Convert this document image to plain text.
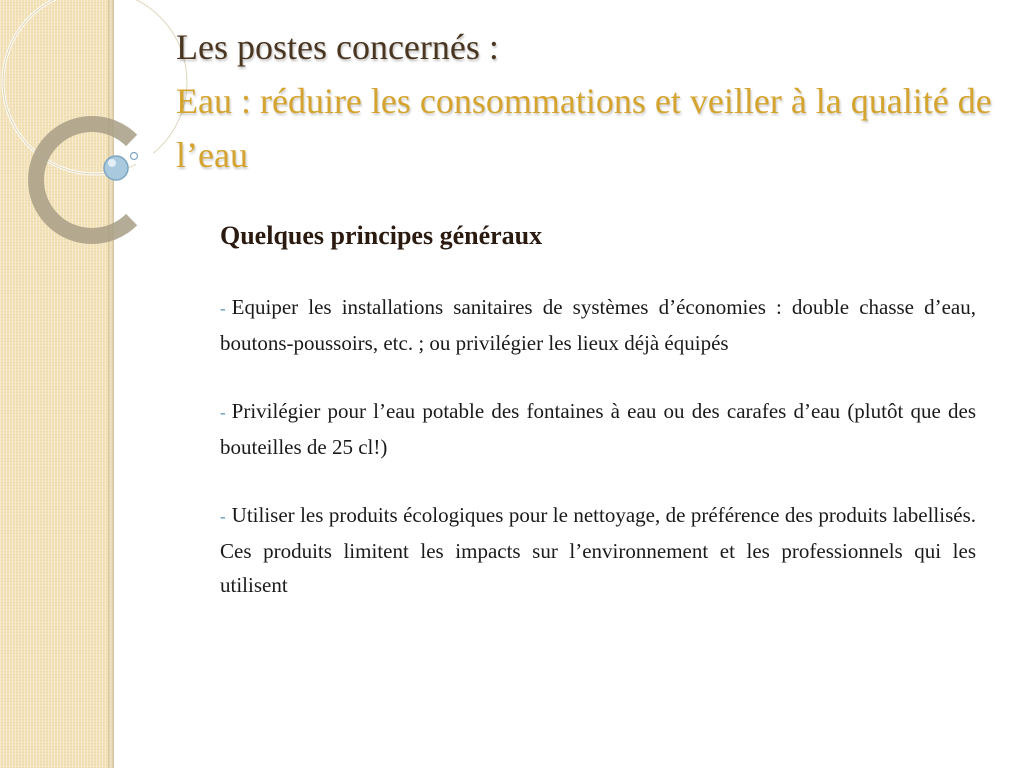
Les postes concernés :
Eau : réduire les consommations et veiller à la qualité de l’eau
Quelques principes généraux

- Equiper les installations sanitaires de systèmes d’économies : double chasse d’eau, boutons-poussoirs, etc. ; ou privilégier les lieux déjà équipés

- Privilégier pour l’eau potable des fontaines à eau ou des carafes d’eau (plutôt que des bouteilles de 25 cl!)

- Utiliser les produits écologiques pour le nettoyage, de préférence des produits labellisés. Ces produits limitent les impacts sur l’environnement et les professionnels qui les utilisent
